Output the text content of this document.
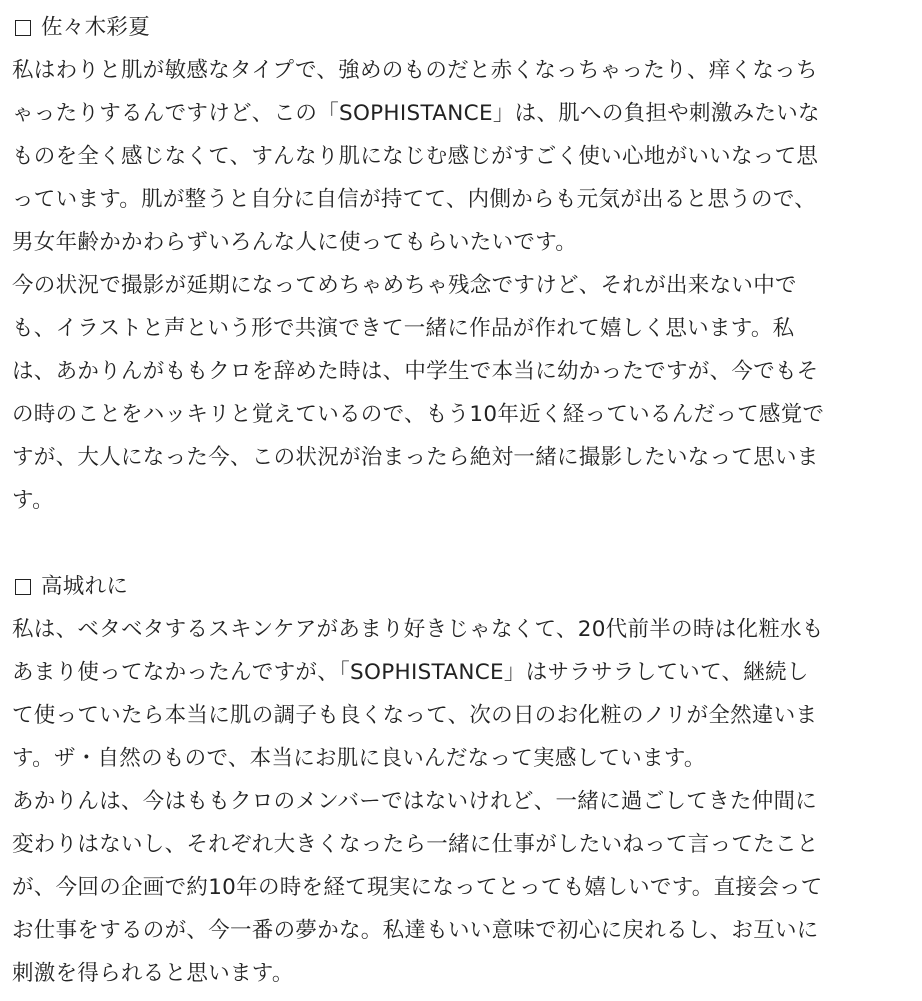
佐々木彩夏
私はわりと肌が敏感なタイプで、強めのものだと赤くなっちゃったり、痒くなっち
ゃったりするんですけど、この「SOPHISTANCE」は、肌への負担や刺激みたいな
ものを全く感じなくて、すんなり肌になじむ感じがすごく使い心地がいいなって思
っています。肌が整うと自分に自信が持てて、内側からも元気が出ると思うので、
男女年齢かかわらずいろんな人に使ってもらいたいです。
今の状況で撮影が延期になってめちゃめちゃ残念ですけど、それが出来ない中で
も、イラストと声という形で共演できて一緒に作品が作れて嬉しく思います。私
は、あかりんがももクロを辞めた時は、中学生で本当に幼かったですが、今でもそ
の時のことをハッキリと覚えているので、もう10年近く経っているんだって感覚で
すが、大人になった今、この状況が治まったら絶対一緒に撮影したいなって思いま
す。
高城れに
私は、ベタベタするスキンケアがあまり好きじゃなくて、20代前半の時は化粧水も
あまり使ってなかったんですが、「SOPHISTANCE」はサラサラしていて、継続し
て使っていたら本当に肌の調子も良くなって、次の日のお化粧のノリが全然違いま
す。ザ・自然のもので、本当にお肌に良いんだなって実感しています。
あかりんは、今はももクロのメンバーではないけれど、一緒に過ごしてきた仲間に
変わりはないし、それぞれ大きくなったら一緒に仕事がしたいねって言ってたこと
が、今回の企画で約10年の時を経て現実になってとっても嬉しいです。直接会って
お仕事をするのが、今一番の夢かな。私達もいい意味で初心に戻れるし、お互いに
刺激を得られると思います。
